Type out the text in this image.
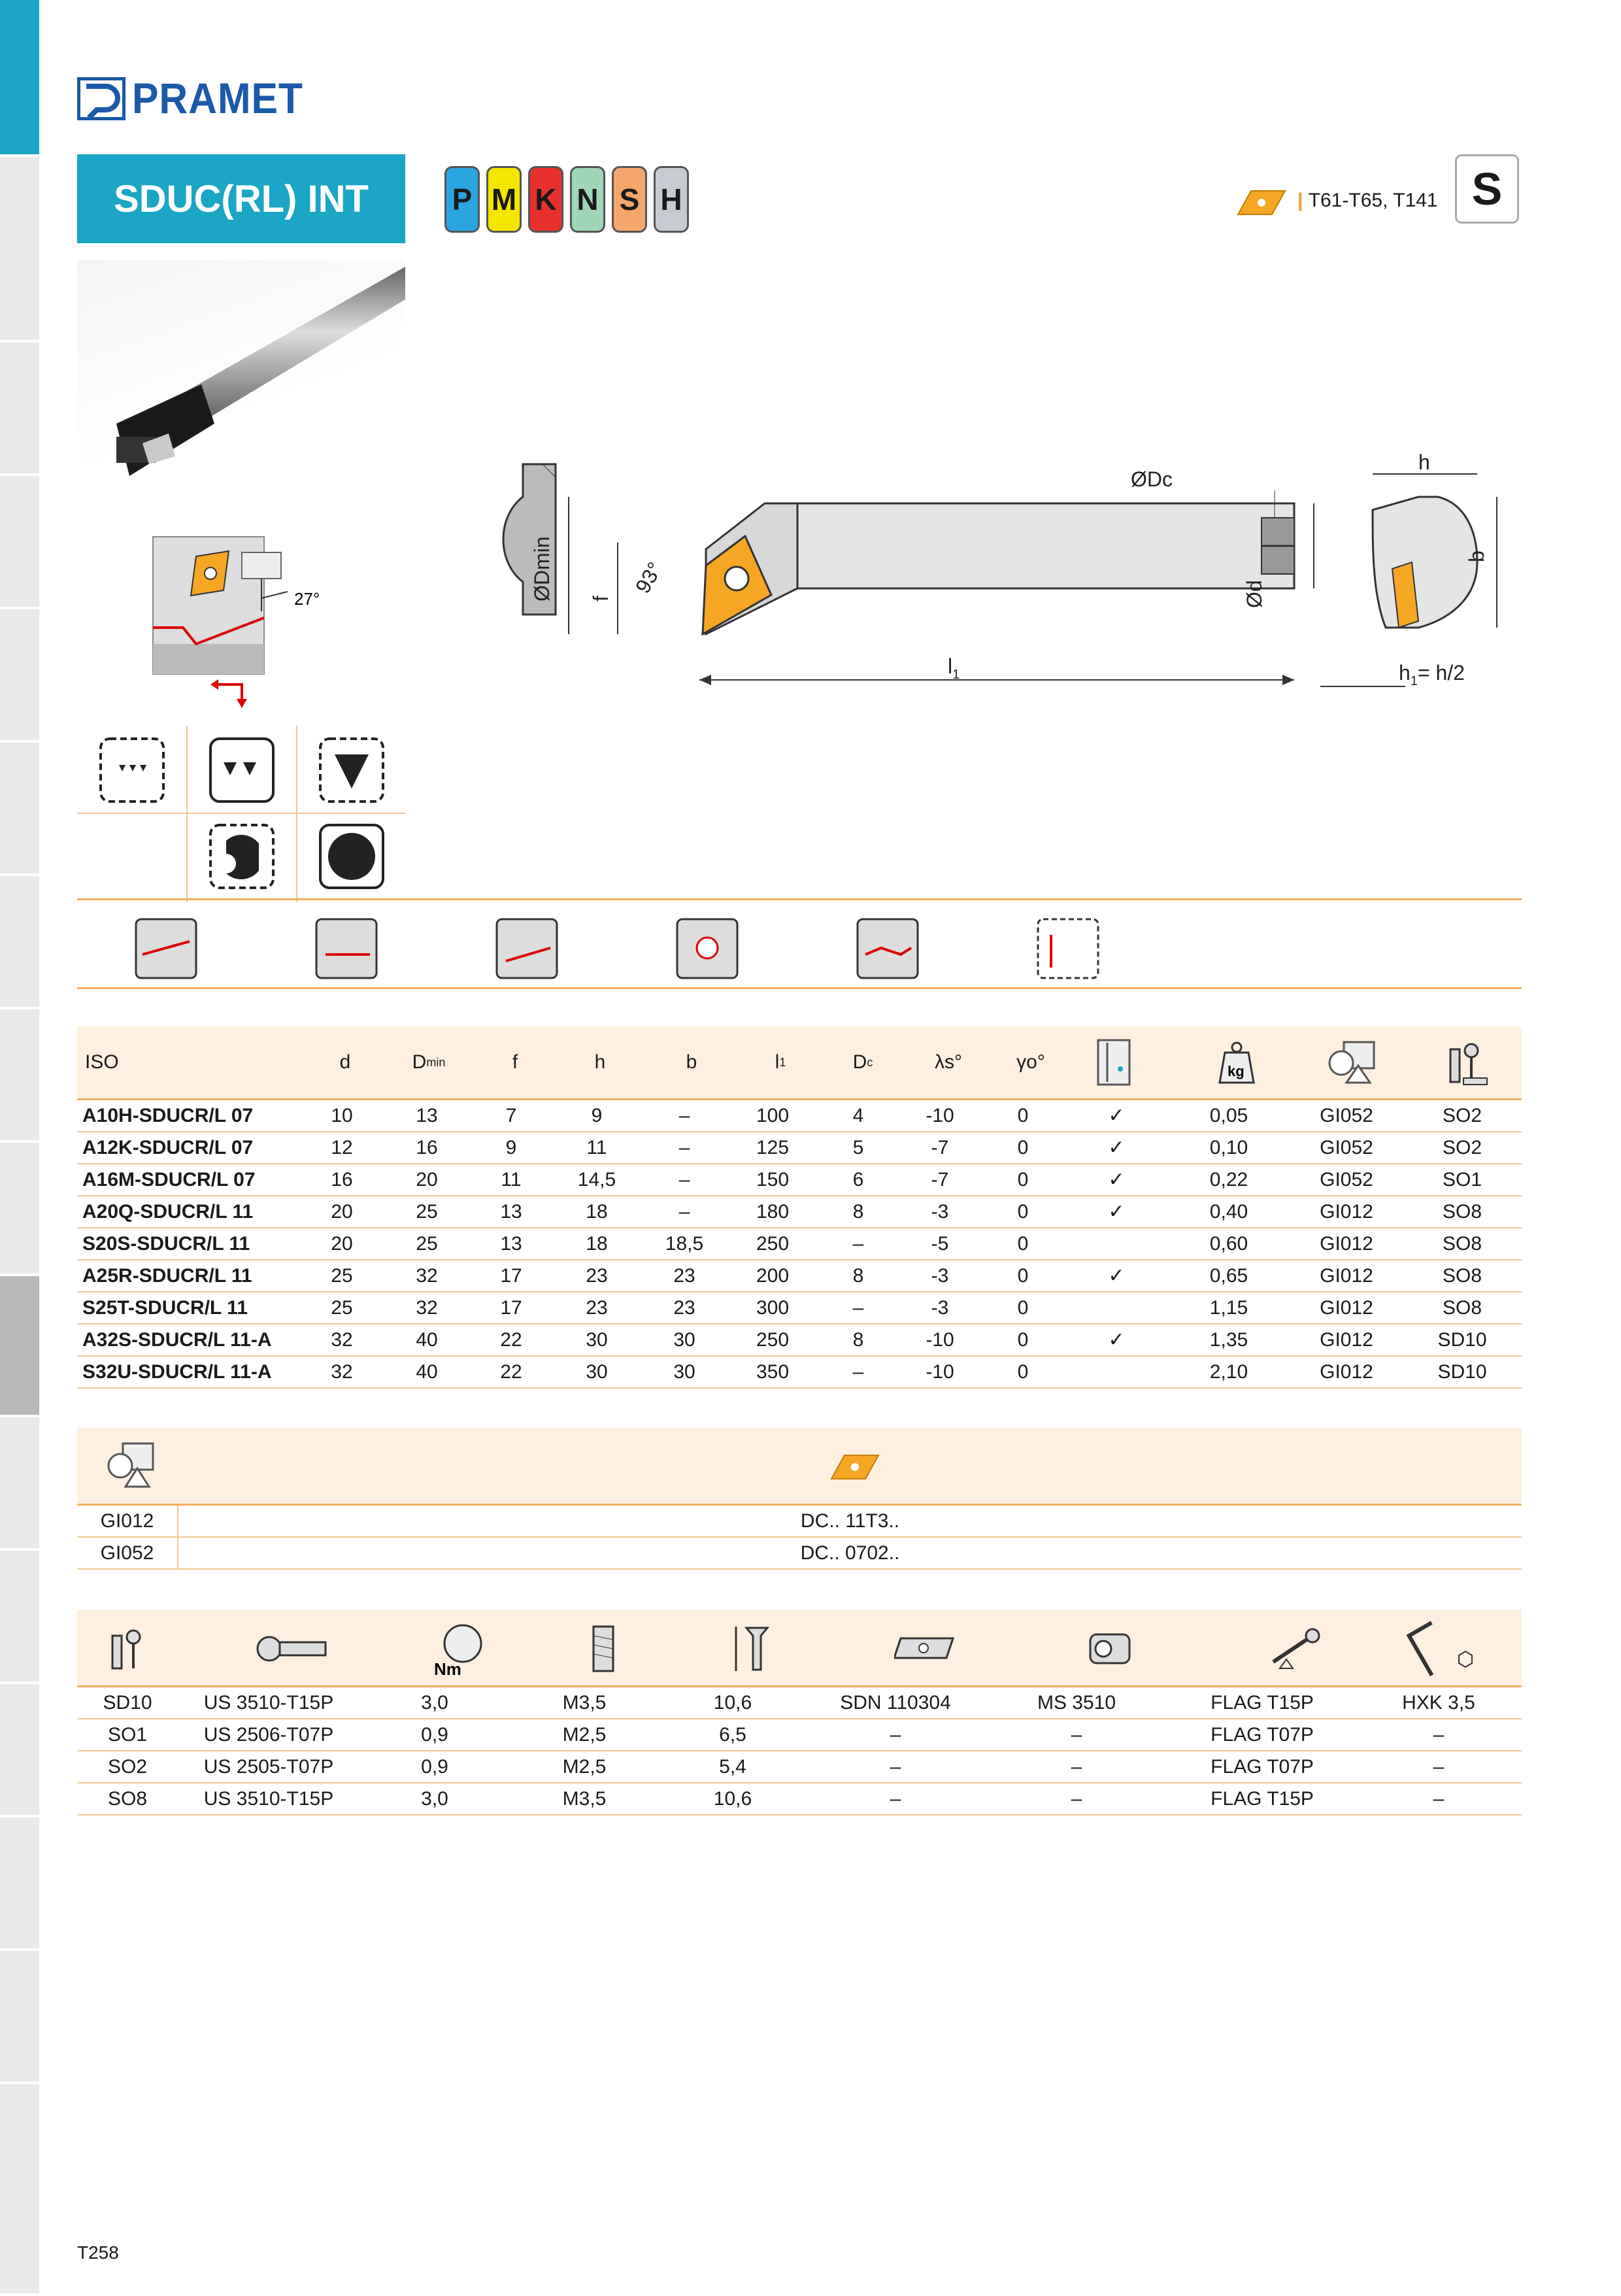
PRAMET
SDUC(RL) INT	P M K N S H	| T61-T65, T141 S
27°	ØDmin f
93°
ØDc
Ød
$l_1$
h
b
$h_1= h/2$
ISO	d	D min	f	h	b	l 1	D c	λs°	γo°	kg
A10H-SDUCR/L 07	10	13	7	9	–	100	4	-10	0	✓	0,05	GI052	SO2
A12K-SDUCR/L 07	12	16	9	11	–	125	5	-7	0	✓	0,10	GI052	SO2
A16M-SDUCR/L 07	16	20	11	14,5	–	150	6	-7	0	✓	0,22	GI052	SO1
A20Q-SDUCR/L 11	20	25	13	18	–	180	8	-3	0	✓	0,40	GI012	SO8
S20S-SDUCR/L 11	20	25	13	18	18,5	250	–	-5	0		0,60	GI012	SO8
A25R-SDUCR/L 11	25	32	17	23	23	200	8	-3	0	✓	0,65	GI012	SO8
S25T-SDUCR/L 11	25	32	17	23	23	300	–	-3	0		1,15	GI012	SO8
A32S-SDUCR/L 11-A	32	40	22	30	30	250	8	-10	0	✓	1,35	GI012	SD10
S32U-SDUCR/L 11-A	32	40	22	30	30	350	–	-10	0		2,10	GI012	SD10
GI012	DC.. 11T3..
GI052	DC.. 0702..
Nm
SD10	US 3510-T15P	3,0	M3,5	10,6	SDN 110304	MS 3510	FLAG T15P	HXK 3,5
SO1	US 2506-T07P	0,9	M2,5	6,5	–	–	FLAG T07P	–
SO2	US 2505-T07P	0,9	M2,5	5,4	–	–	FLAG T07P	–
SO8	US 3510-T15P	3,0	M3,5	10,6	–	–	FLAG T15P	–
T258
